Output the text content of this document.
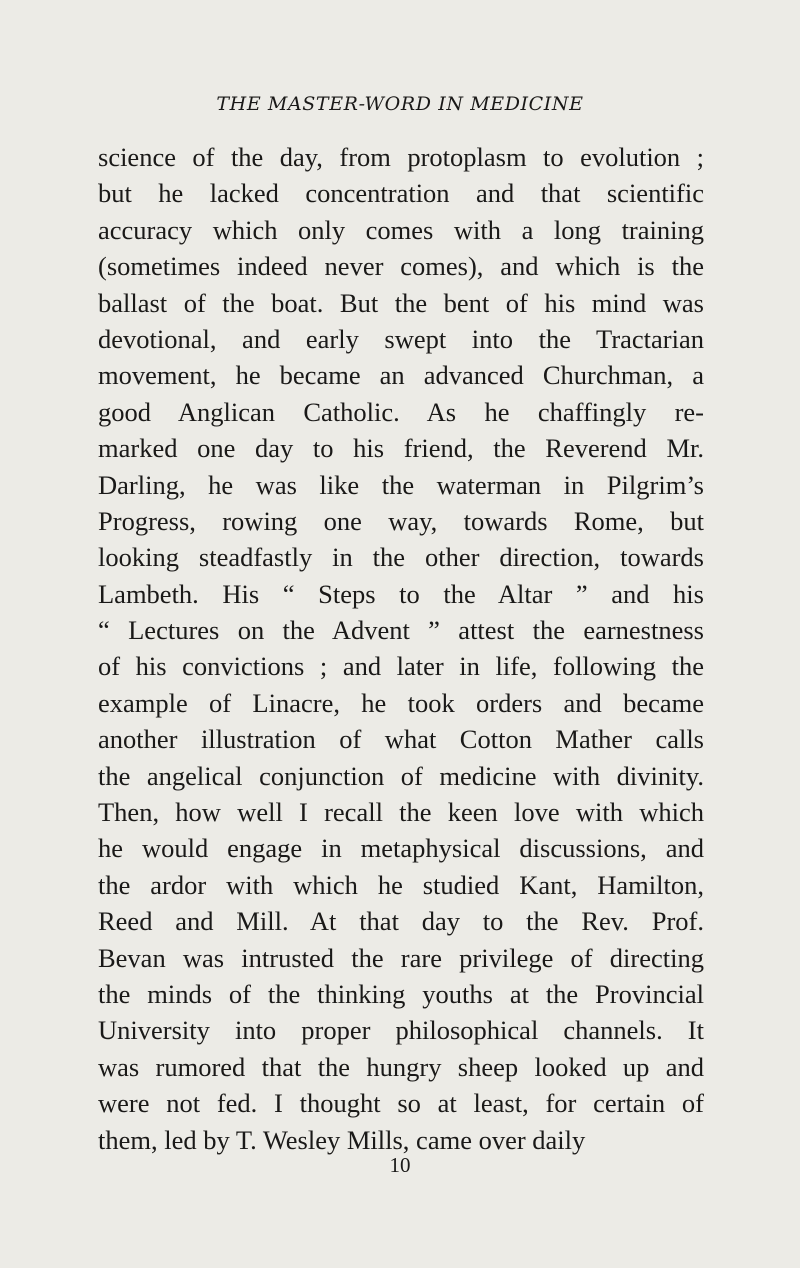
THE MASTER-WORD IN MEDICINE
science of the day, from protoplasm to evolution ;
but he lacked concentration and that scientific
accuracy which only comes with a long training
(sometimes indeed never comes), and which is the
ballast of the boat. But the bent of his mind was
devotional, and early swept into the Tractarian
movement, he became an advanced Churchman, a
good Anglican Catholic. As he chaffingly re-
marked one day to his friend, the Reverend Mr.
Darling, he was like the waterman in Pilgrim’s
Progress, rowing one way, towards Rome, but
looking steadfastly in the other direction, towards
Lambeth. His “ Steps to the Altar ” and his
“ Lectures on the Advent ” attest the earnestness
of his convictions ; and later in life, following the
example of Linacre, he took orders and became
another illustration of what Cotton Mather calls
the angelical conjunction of medicine with divinity.
Then, how well I recall the keen love with which
he would engage in metaphysical discussions, and
the ardor with which he studied Kant, Hamilton,
Reed and Mill. At that day to the Rev. Prof.
Bevan was intrusted the rare privilege of directing
the minds of the thinking youths at the Provincial
University into proper philosophical channels. It
was rumored that the hungry sheep looked up and
were not fed. I thought so at least, for certain of
them, led by T. Wesley Mills, came over daily
10
